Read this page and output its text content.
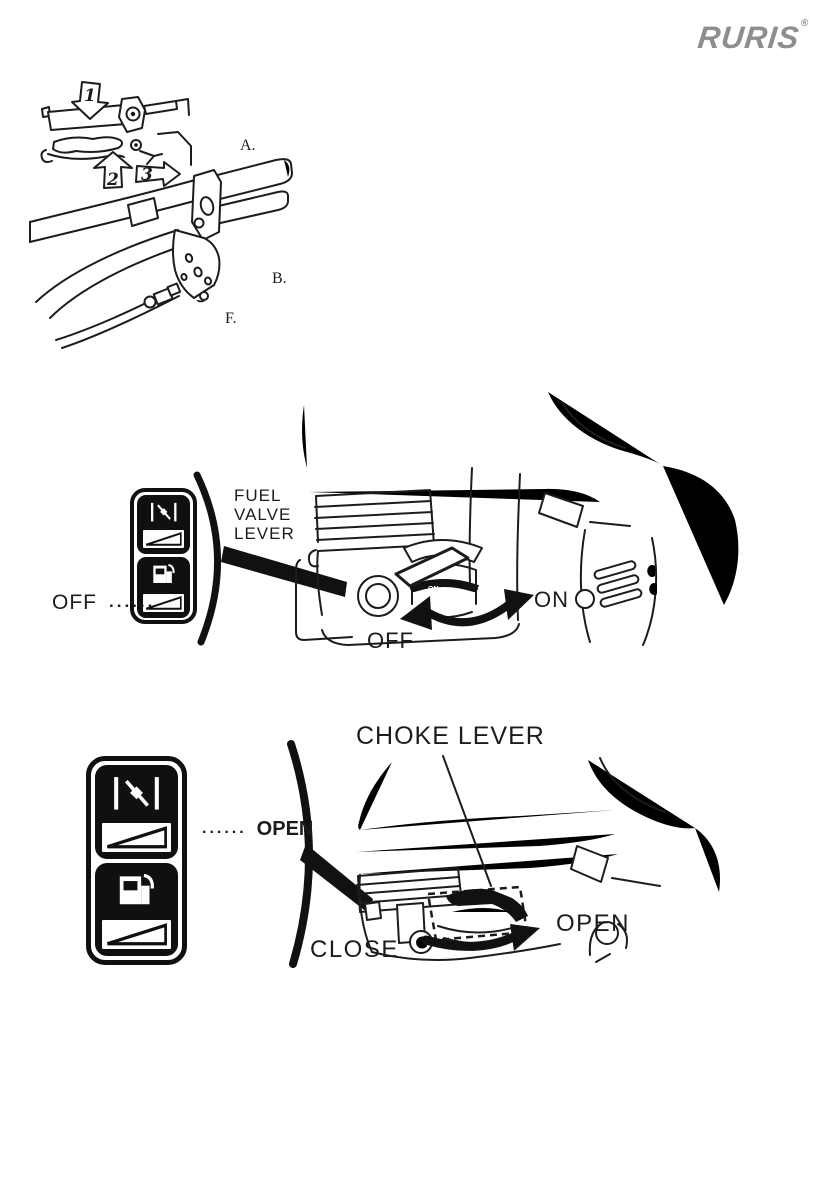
RURIS®
1
2 3
A.
B.
F.
ON	ON
OFF
OFF ......
FUEL
VALVE
LEVER
CLOSE
OPEN
CHOKE LEVER
...... OPEN
